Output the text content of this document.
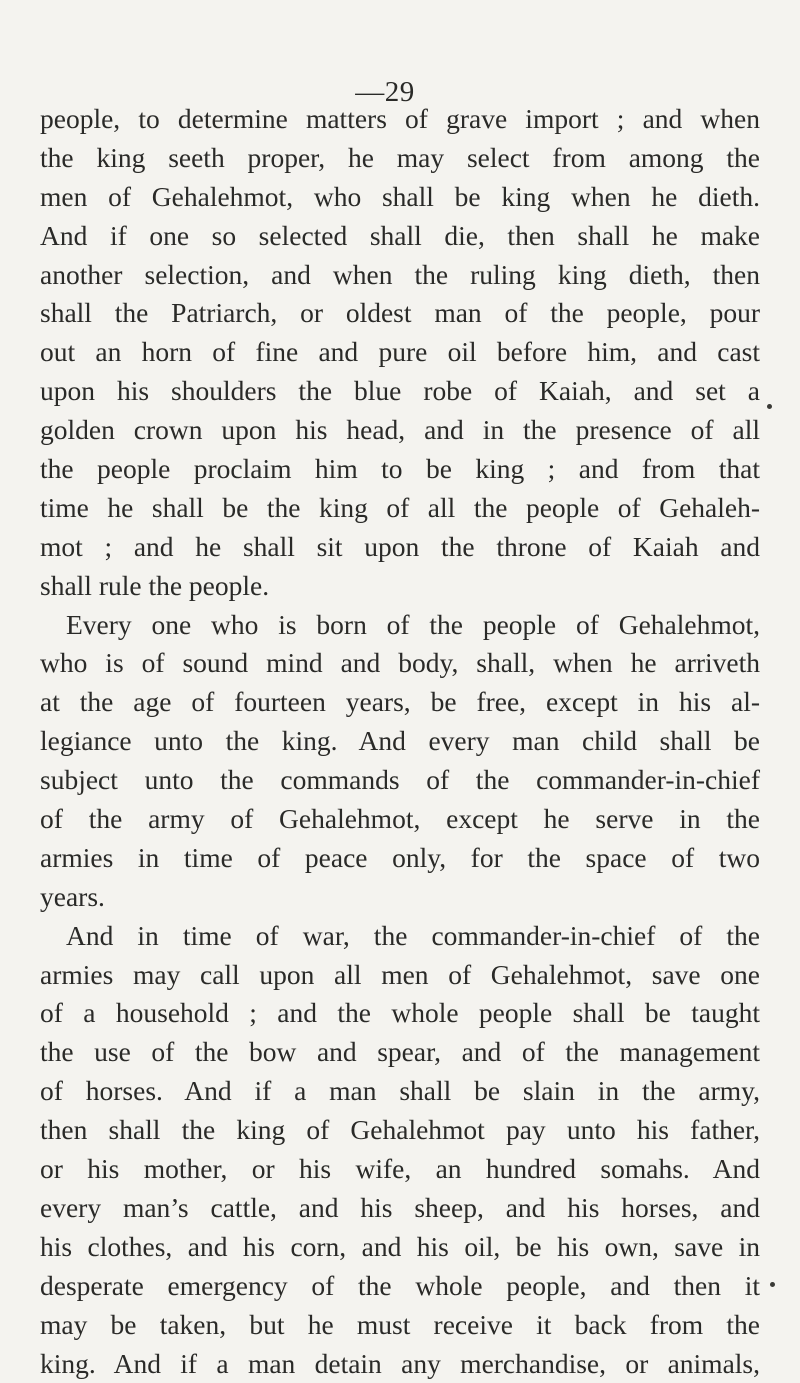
—29
people, to determine matters of grave import ; and when
the king seeth proper, he may select from among the
men of Gehalehmot, who shall be king when he dieth.
And if one so selected shall die, then shall he make
another selection, and when the ruling king dieth, then
shall the Patriarch, or oldest man of the people, pour
out an horn of fine and pure oil before him, and cast
upon his shoulders the blue robe of Kaiah, and set a
golden crown upon his head, and in the presence of all
the people proclaim him to be king ; and from that
time he shall be the king of all the people of Gehaleh-
mot ; and he shall sit upon the throne of Kaiah and
shall rule the people.
Every one who is born of the people of Gehalehmot,
who is of sound mind and body, shall, when he arriveth
at the age of fourteen years, be free, except in his al-
legiance unto the king. And every man child shall be
subject unto the commands of the commander-in-chief
of the army of Gehalehmot, except he serve in the
armies in time of peace only, for the space of two
years.
And in time of war, the commander-in-chief of the
armies may call upon all men of Gehalehmot, save one
of a household ; and the whole people shall be taught
the use of the bow and spear, and of the management
of horses. And if a man shall be slain in the army,
then shall the king of Gehalehmot pay unto his father,
or his mother, or his wife, an hundred somahs. And
every man’s cattle, and his sheep, and his horses, and
his clothes, and his corn, and his oil, be his own, save in
desperate emergency of the whole people, and then it
may be taken, but he must receive it back from the
king. And if a man detain any merchandise, or animals,
